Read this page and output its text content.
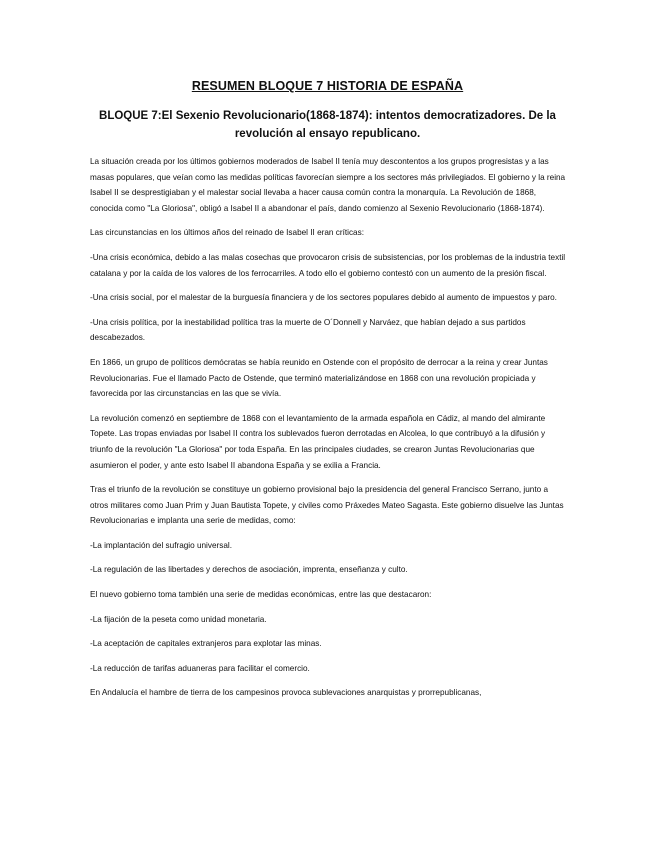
RESUMEN BLOQUE 7 HISTORIA DE ESPAÑA
BLOQUE 7:El Sexenio Revolucionario(1868-1874): intentos democratizadores. De la revolución al ensayo republicano.

La situación creada por los últimos gobiernos moderados de Isabel II tenía muy descontentos a los grupos progresistas y a las masas populares, que veían como las medidas políticas favorecían siempre a los sectores más privilegiados. El gobierno y la reina Isabel II se desprestigiaban y el malestar social llevaba a hacer causa común contra la monarquía. La Revolución de 1868, conocida como "La Gloriosa", obligó a Isabel II a abandonar el país, dando comienzo al Sexenio Revolucionario (1868-1874).

Las circunstancias en los últimos años del reinado de Isabel II eran críticas:

-Una crisis económica, debido a las malas cosechas que provocaron crisis de subsistencias, por los problemas de la industria textil catalana y por la caída de los valores de los ferrocarriles. A todo ello el gobierno contestó con un aumento de la presión fiscal.

-Una crisis social, por el malestar de la burguesía financiera y de los sectores populares debido al aumento de impuestos y paro.

-Una crisis política, por la inestabilidad política tras la muerte de O´Donnell y Narváez, que habían dejado a sus partidos descabezados.

En 1866, un grupo de políticos demócratas se había reunido en Ostende con el propósito de derrocar a la reina y crear Juntas Revolucionarias. Fue el llamado Pacto de Ostende, que terminó materializándose en 1868 con una revolución propiciada y favorecida por las circunstancias en las que se vivía.

La revolución comenzó en septiembre de 1868 con el levantamiento de la armada española en Cádiz, al mando del almirante Topete. Las tropas enviadas por Isabel II contra los sublevados fueron derrotadas en Alcolea, lo que contribuyó a la difusión y triunfo de la revolución "La Gloriosa" por toda España. En las principales ciudades, se crearon Juntas Revolucionarias que asumieron el poder, y ante esto Isabel II abandona España y se exilia a Francia.

Tras el triunfo de la revolución se constituye un gobierno provisional bajo la presidencia del general Francisco Serrano, junto a otros militares como Juan Prim y Juan Bautista Topete, y civiles como Práxedes Mateo Sagasta. Este gobierno disuelve las Juntas Revolucionarias e implanta una serie de medidas, como:

-La implantación del sufragio universal.

-La regulación de las libertades y derechos de asociación, imprenta, enseñanza y culto.

El nuevo gobierno toma también una serie de medidas económicas, entre las que destacaron:

-La fijación de la peseta como unidad monetaria.

-La aceptación de capitales extranjeros para explotar las minas.

-La reducción de tarifas aduaneras para facilitar el comercio.

En Andalucía el hambre de tierra de los campesinos provoca sublevaciones anarquistas y prorrepublicanas,
